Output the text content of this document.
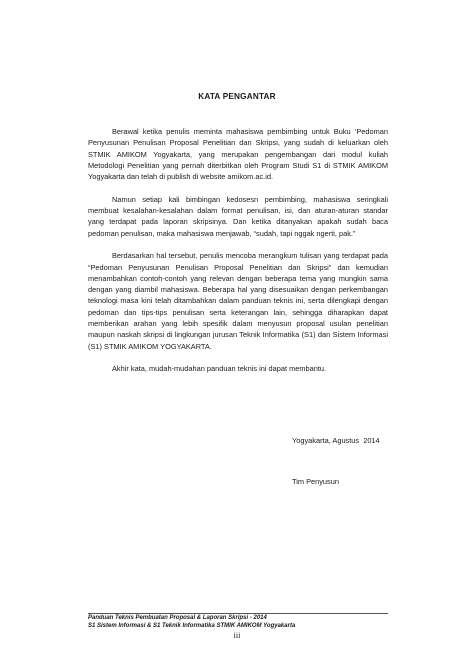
KATA PENGANTAR

Berawal ketika penulis meminta mahasiswa pembimbing untuk Buku ‘Pedoman Penyusunan Penulisan Proposal Penelitian dan Skripsi, yang sudah di keluarkan oleh STMIK AMIKOM Yogyakarta, yang merupakan pengembangan dari modul kuliah Metodologi Penelitian yang pernah diterbitkan oleh Program Studi S1 di STMIK AMIKOM Yogyakarta dan telah di publish di website amikom.ac.id.

Namun setiap kali bimbingan kedosesn pembimbing, mahasiswa seringkali membuat kesalahan-kesalahan dalam format penulisan, isi, dan aturan-aturan standar yang terdapat pada laporan skripsinya. Dan ketika ditanyakan apakah sudah baca pedoman penulisan, maka mahasiswa menjawab, “sudah, tapi nggak ngerti, pak.”

Berdasarkan hal tersebut, penulis mencoba merangkum tulisan yang terdapat pada “Pedoman Penyusunan Penulisan Proposal Penelitian dan Skripsi” dan kemudian menambahkan contoh-contoh yang relevan dengan beberapa tema yang mungkin sama dengan yang diambil mahasiswa. Beberapa hal yang disesuaikan dengan perkembangan teknologi masa kini telah ditambahkan dalam panduan teknis ini, serta dilengkapi dengan pedoman dan tips-tips penulisan serta keterangan lain, sehingga diharapkan dapat memberikan arahan yang lebih spesifik dalam menyusun proposal usulan penelitian maupun naskah skripsi di lingkungan jurusan Teknik Informatika (S1) dan Sistem Informasi (S1) STMIK AMIKOM YOGYAKARTA.

Akhir kata, mudah-mudahan panduan teknis ini dapat membantu.

Yogyakarta, Agustus  2014
Tim Penyusun
Panduan Teknis Pembuatan Proposal & Laporan Skripsi - 2014
S1 Sistem Informasi & S1 Teknik Informatika STMIK AMIKOM Yogyakarta
iii
